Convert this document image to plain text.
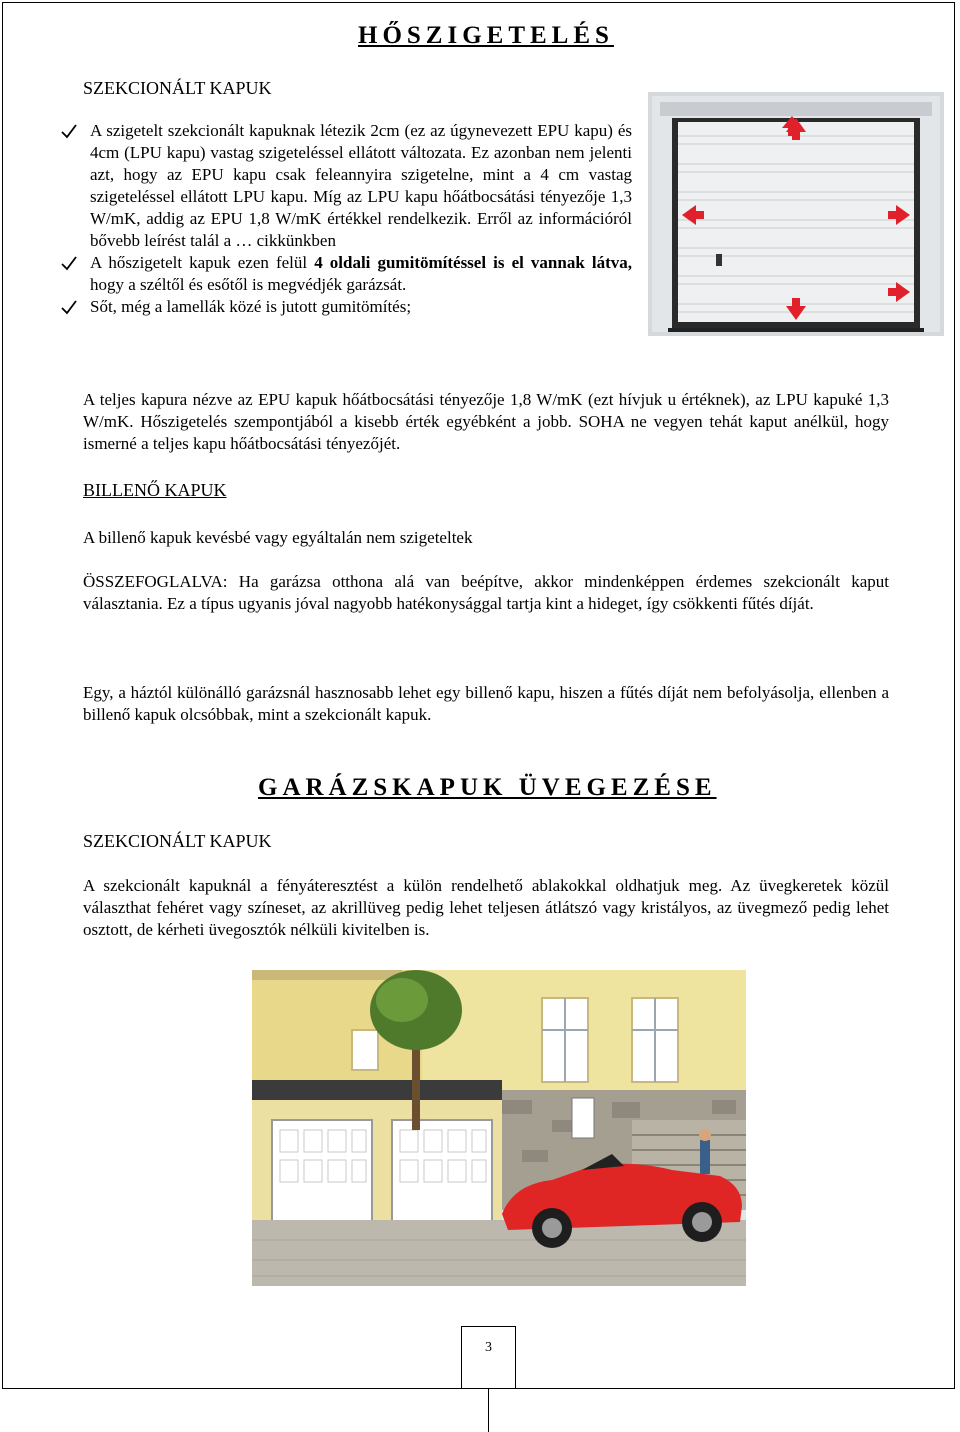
HŐSZIGETELÉS
SZEKCIONÁLT KAPUK
A szigetelt szekcionált kapuknak létezik 2cm (ez az úgynevezett EPU kapu) és 4cm (LPU kapu) vastag szigeteléssel ellátott változata. Ez azonban nem jelenti azt, hogy az EPU kapu csak feleannyira szigetelne, mint a 4 cm vastag szigeteléssel ellátott LPU kapu. Míg az LPU kapu hőátbocsátási tényezője 1,3 W/mK, addig az EPU 1,8 W/mK értékkel rendelkezik. Erről az információról bővebb leírést talál a … cikkünkben
A hőszigetelt kapuk ezen felül 4 oldali gumitömítéssel is el vannak látva, hogy a széltől és esőtől is megvédjék garázsát.
Sőt, még a lamellák közé is jutott gumitömítés;
A teljes kapura nézve az EPU kapuk hőátbocsátási tényezője 1,8 W/mK (ezt hívjuk u értéknek), az LPU kapuké 1,3 W/mK. Hőszigetelés szempontjából a kisebb érték egyébként a jobb. SOHA ne vegyen tehát kaput anélkül, hogy ismerné a teljes kapu hőátbocsátási tényezőjét.
BILLENŐ KAPUK
A billenő kapuk kevésbé vagy egyáltalán nem szigeteltek
ÖSSZEFOGLALVA: Ha garázsa otthona alá van beépítve, akkor mindenképpen érdemes szekcionált kaput választania. Ez a típus ugyanis jóval nagyobb hatékonysággal tartja kint a hideget, így csökkenti fűtés díját.
Egy, a háztól különálló garázsnál hasznosabb lehet egy billenő kapu, hiszen a fűtés díját nem befolyásolja, ellenben a billenő kapuk olcsóbbak, mint a szekcionált kapuk.
GARÁZSKAPUK ÜVEGEZÉSE
SZEKCIONÁLT KAPUK
A szekcionált kapuknál a fényáteresztést a külön rendelhető ablakokkal oldhatjuk meg. Az üvegkeretek közül választhat fehéret vagy színeset, az akrillüveg pedig lehet teljesen átlátszó vagy kristályos, az üvegmező pedig lehet osztott, de kérheti üvegosztók nélküli kivitelben is.
3
